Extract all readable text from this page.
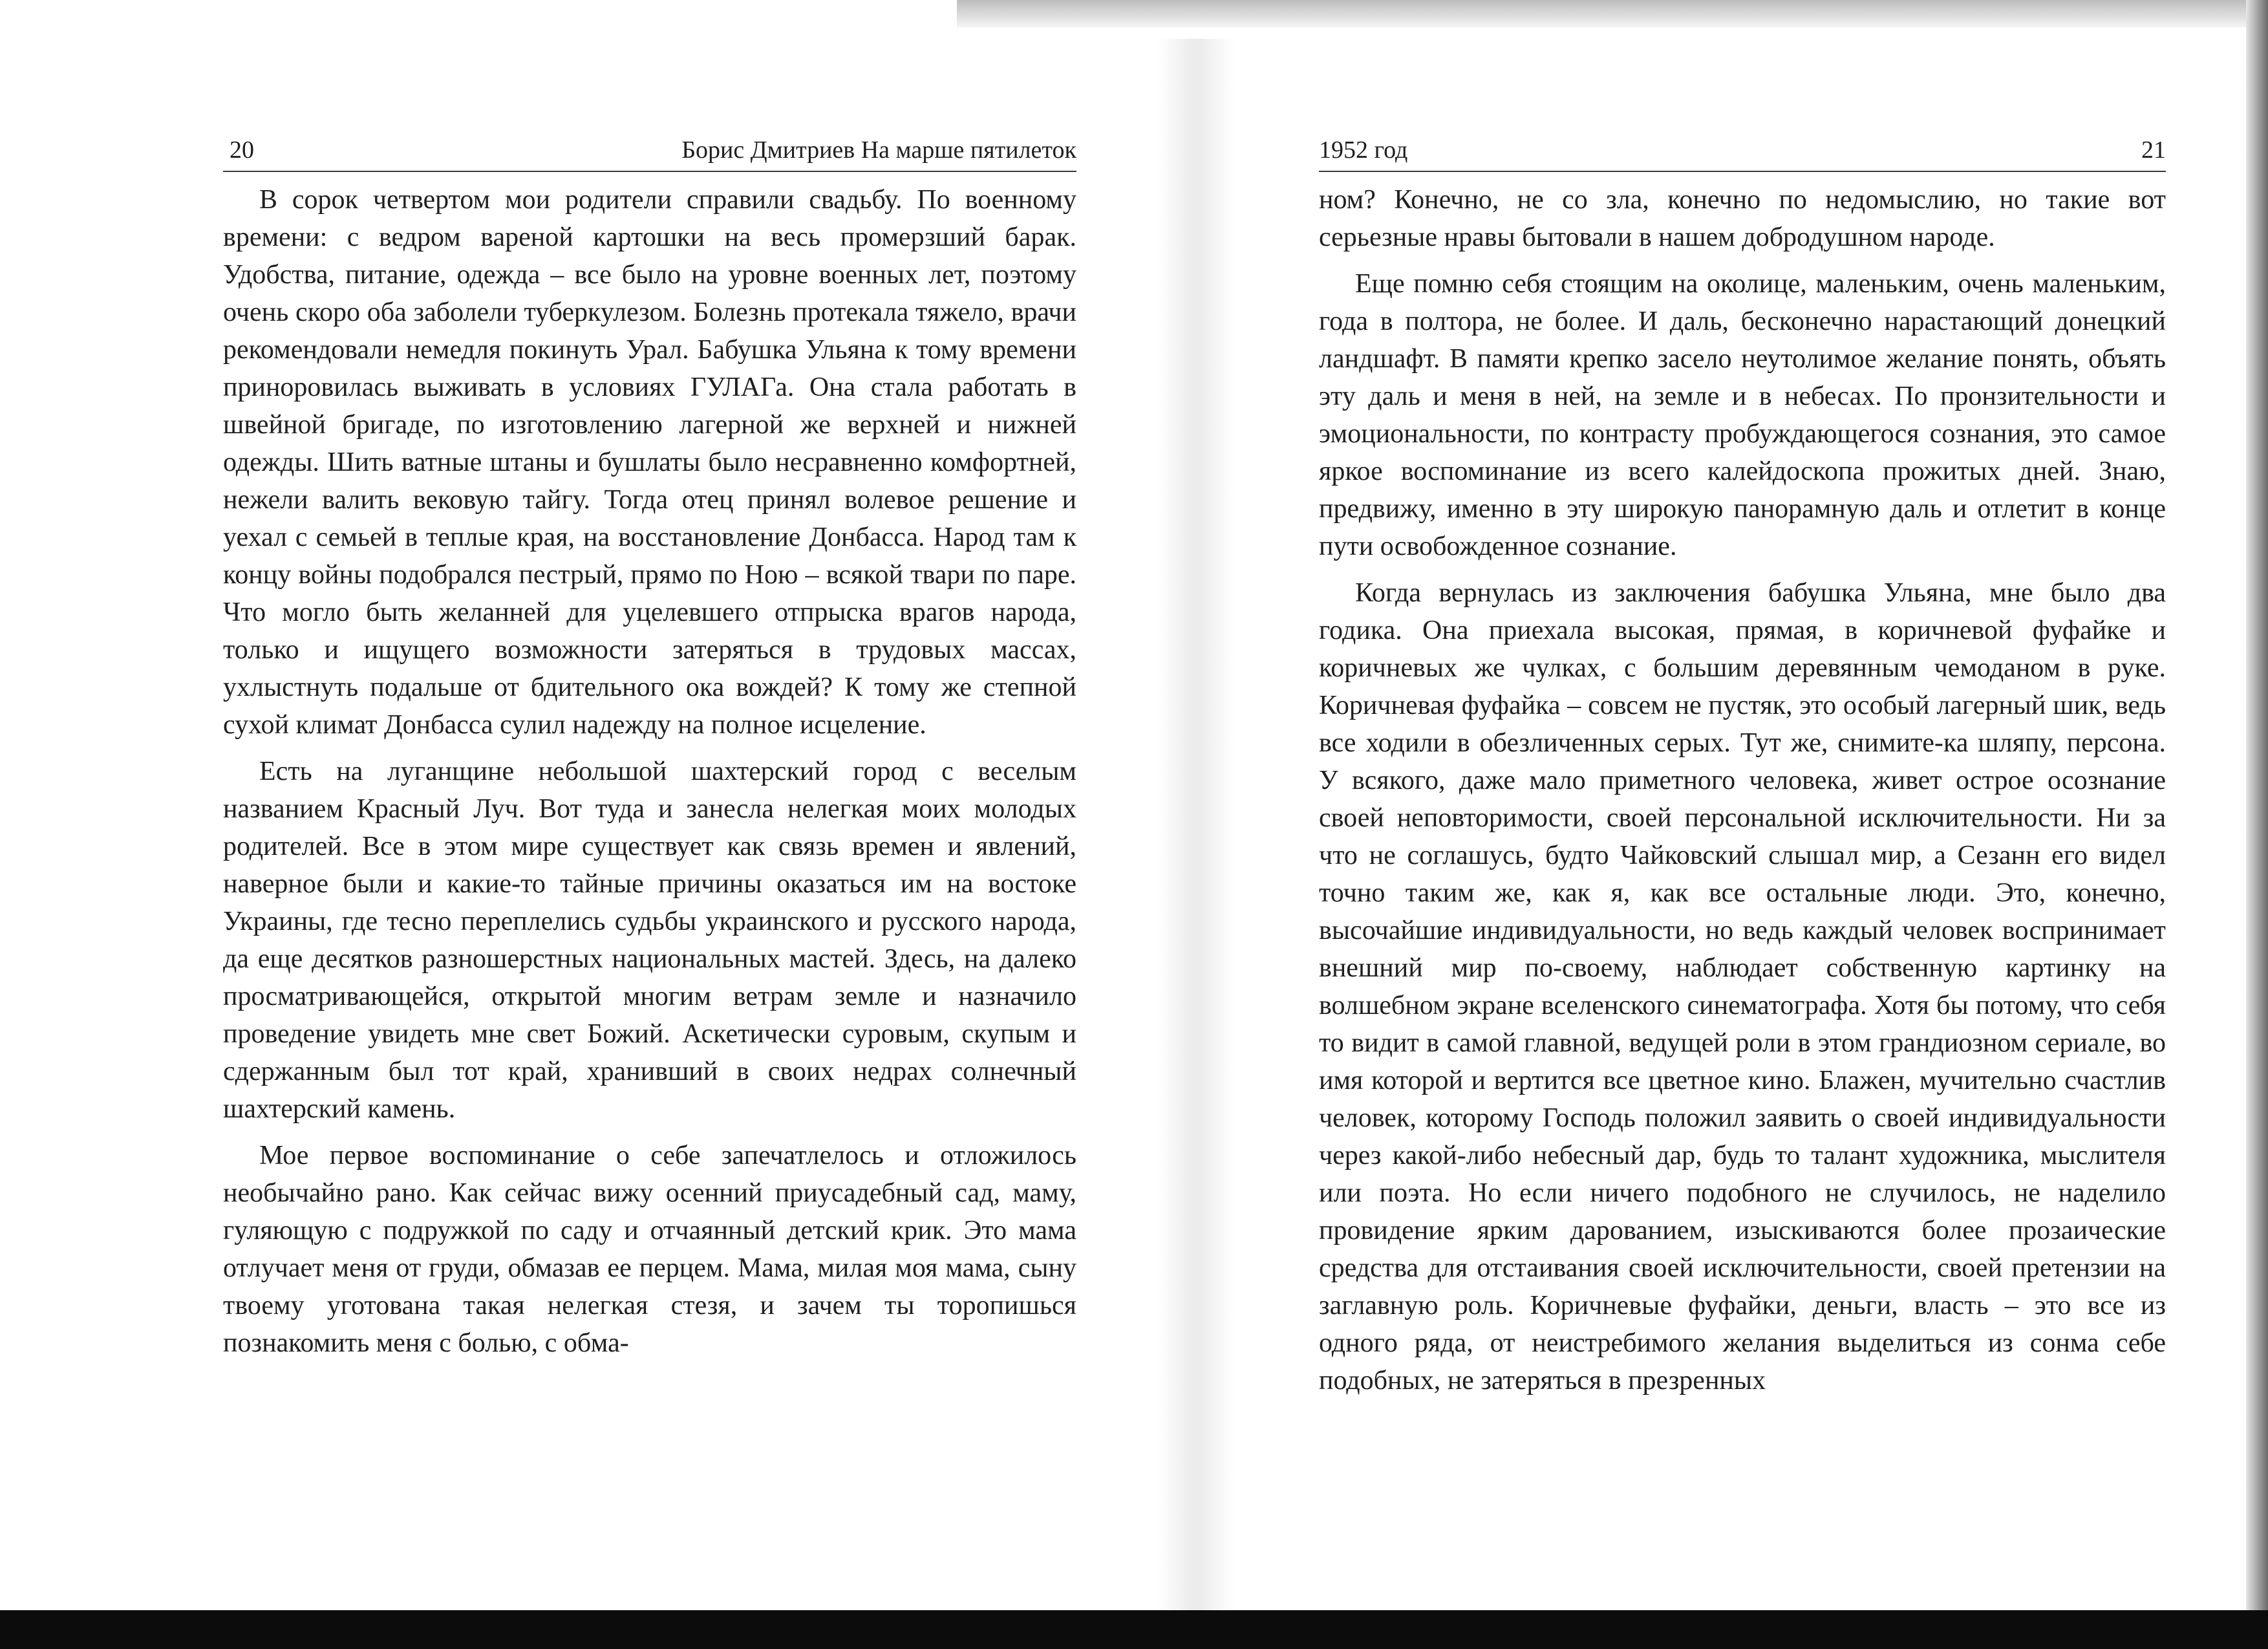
20	Борис Дмитриев На марше пятилеток

В сорок четвертом мои родители справили свадьбу. По военному времени: с ведром вареной картошки на весь промерзший барак. Удобства, питание, одежда – все было на уровне военных лет, поэтому очень скоро оба заболели туберкулезом. Болезнь протекала тяжело, врачи рекомендовали немедля покинуть Урал. Бабушка Ульяна к тому времени приноровилась выживать в условиях ГУЛАГа. Она стала работать в швейной бригаде, по изготовлению лагерной же верхней и нижней одежды. Шить ватные штаны и бушлаты было несравненно комфортней, нежели валить вековую тайгу. Тогда отец принял волевое решение и уехал с семьей в теплые края, на восстановление Донбасса. Народ там к концу войны подобрался пестрый, прямо по Ною – всякой твари по паре. Что могло быть желанней для уцелевшего отпрыска врагов народа, только и ищущего возможности затеряться в трудовых массах, ухлыстнуть подальше от бдительного ока вождей? К тому же степной сухой климат Донбасса сулил надежду на полное исцеление.

Есть на луганщине небольшой шахтерский город с веселым названием Красный Луч. Вот туда и занесла нелегкая моих молодых родителей. Все в этом мире существует как связь времен и явлений, наверное были и какие-то тайные причины оказаться им на востоке Украины, где тесно переплелись судьбы украинского и русского народа, да еще десятков разношерстных национальных мастей. Здесь, на далеко просматривающейся, открытой многим ветрам земле и назначило проведение увидеть мне свет Божий. Аскетически суровым, скупым и сдержанным был тот край, хранивший в своих недрах солнечный шахтерский камень.

Мое первое воспоминание о себе запечатлелось и отложилось необычайно рано. Как сейчас вижу осенний приусадебный сад, маму, гуляющую с подружкой по саду и отчаянный детский крик. Это мама отлучает меня от груди, обмазав ее перцем. Мама, милая моя мама, сыну твоему уготована такая нелегкая стезя, и зачем ты торопишься познакомить меня с болью, с обма-

1952 год	21

ном? Конечно, не со зла, конечно по недомыслию, но такие вот серьезные нравы бытовали в нашем добродушном народе.

Еще помню себя стоящим на околице, маленьким, очень маленьким, года в полтора, не более. И даль, бесконечно нарастающий донецкий ландшафт. В памяти крепко засело неутолимое желание понять, объять эту даль и меня в ней, на земле и в небесах. По пронзительности и эмоциональности, по контрасту пробуждающегося сознания, это самое яркое воспоминание из всего калейдоскопа прожитых дней. Знаю, предвижу, именно в эту широкую панорамную даль и отлетит в конце пути освобожденное сознание.

Когда вернулась из заключения бабушка Ульяна, мне было два годика. Она приехала высокая, прямая, в коричневой фуфайке и коричневых же чулках, с большим деревянным чемоданом в руке. Коричневая фуфайка – совсем не пустяк, это особый лагерный шик, ведь все ходили в обезличенных серых. Тут же, снимите-ка шляпу, персона. У всякого, даже мало приметного человека, живет острое осознание своей неповторимости, своей персональной исключительности. Ни за что не соглашусь, будто Чайковский слышал мир, а Сезанн его видел точно таким же, как я, как все остальные люди. Это, конечно, высочайшие индивидуальности, но ведь каждый человек воспринимает внешний мир по-своему, наблюдает собственную картинку на волшебном экране вселенского синематографа. Хотя бы потому, что себя то видит в самой главной, ведущей роли в этом грандиозном сериале, во имя которой и вертится все цветное кино. Блажен, мучительно счастлив человек, которому Господь положил заявить о своей индивидуальности через какой-либо небесный дар, будь то талант художника, мыслителя или поэта. Но если ничего подобного не случилось, не наделило провидение ярким дарованием, изыскиваются более прозаические средства для отстаивания своей исключительности, своей претензии на заглавную роль. Коричневые фуфайки, деньги, власть – это все из одного ряда, от неистребимого желания выделиться из сонма себе подобных, не затеряться в презренных
